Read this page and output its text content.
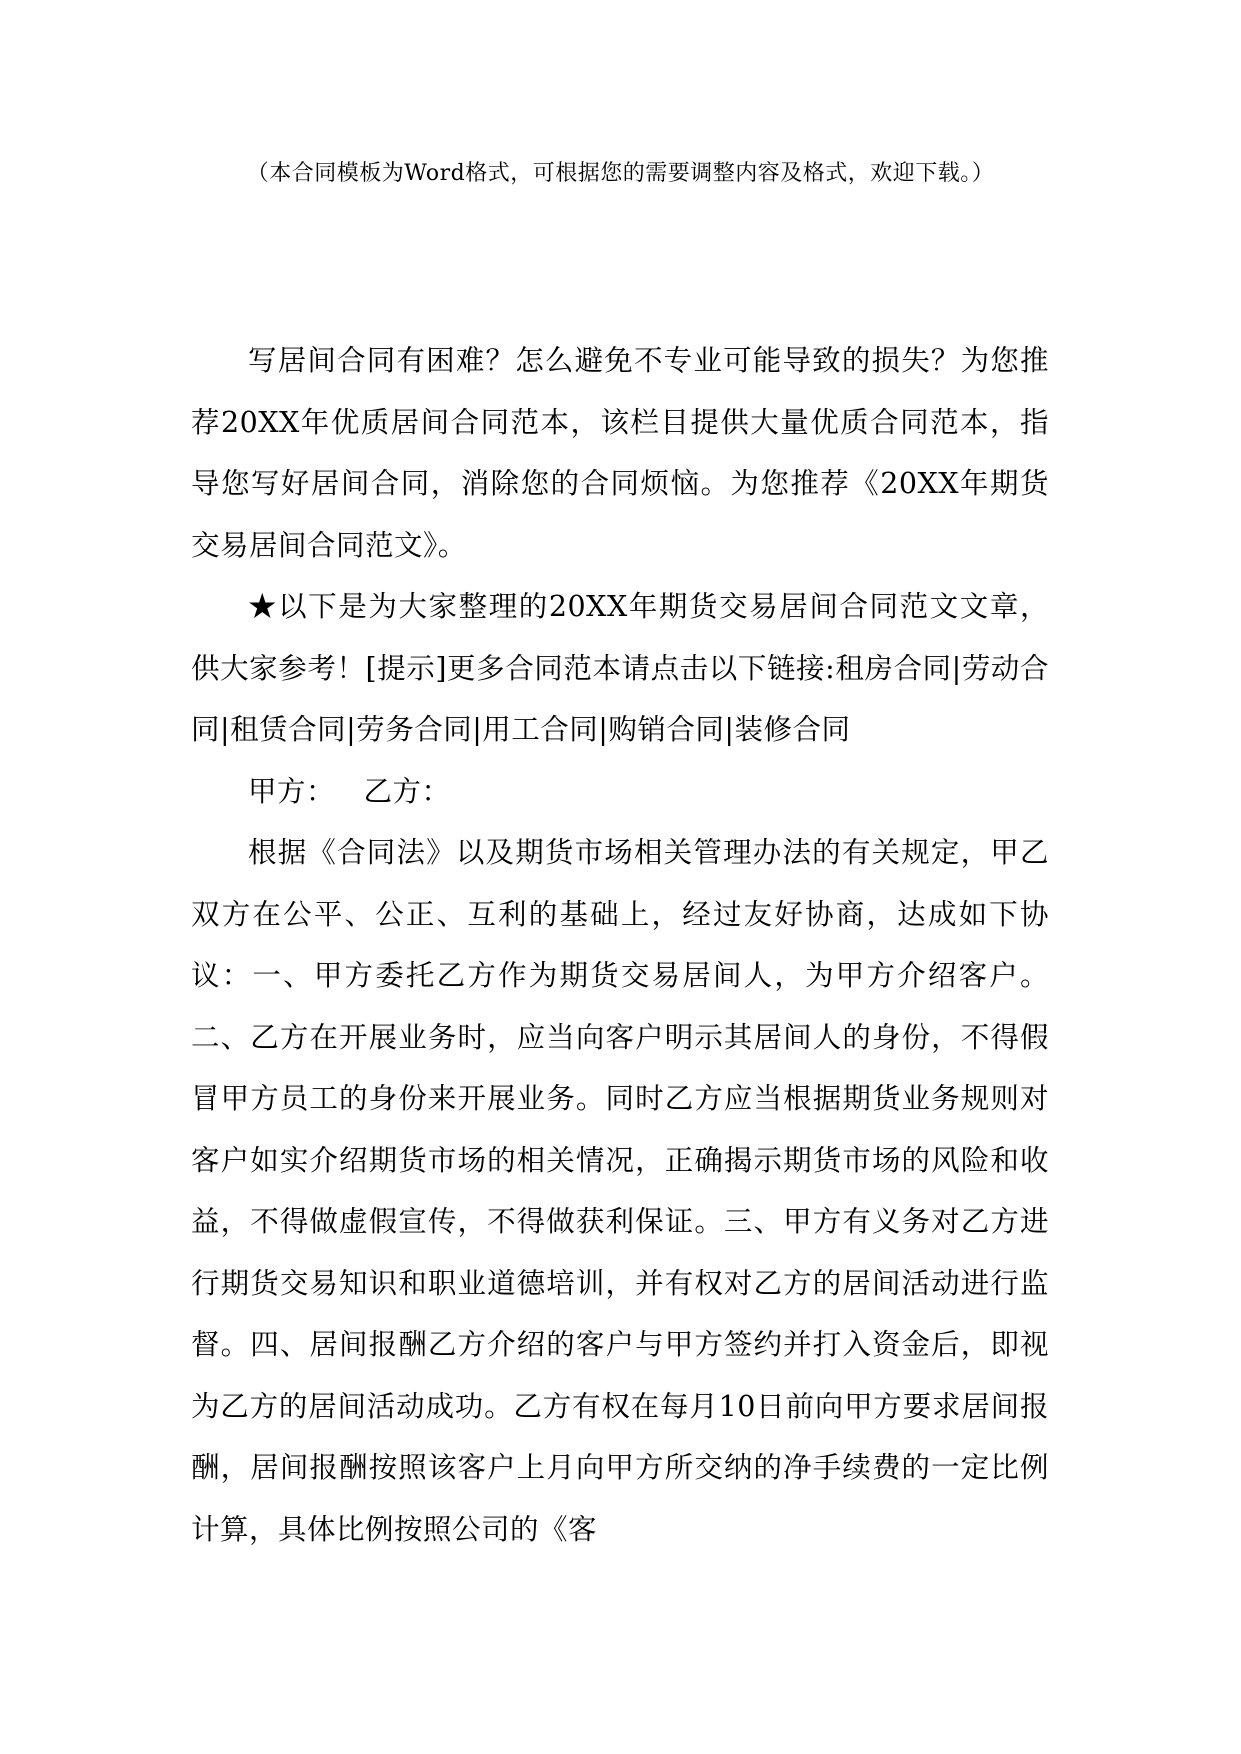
（本合同模板为Word格式，可根据您的需要调整内容及格式，欢迎下载。）

写居间合同有困难？怎么避免不专业可能导致的损失？为您推荐20XX年优质居间合同范本，该栏目提供大量优质合同范本，指导您写好居间合同，消除您的合同烦恼。为您推荐《20XX年期货交易居间合同范文》。

★以下是为大家整理的20XX年期货交易居间合同范文文章，供大家参考！[提示]更多合同范本请点击以下链接:租房合同|劳动合同|租赁合同|劳务合同|用工合同|购销合同|装修合同

甲方： 乙方：

根据《合同法》以及期货市场相关管理办法的有关规定，甲乙双方在公平、公正、互利的基础上，经过友好协商，达成如下协议：一、甲方委托乙方作为期货交易居间人，为甲方介绍客户。二、乙方在开展业务时，应当向客户明示其居间人的身份，不得假冒甲方员工的身份来开展业务。同时乙方应当根据期货业务规则对客户如实介绍期货市场的相关情况，正确揭示期货市场的风险和收益，不得做虚假宣传，不得做获利保证。三、甲方有义务对乙方进行期货交易知识和职业道德培训，并有权对乙方的居间活动进行监督。四、居间报酬乙方介绍的客户与甲方签约并打入资金后，即视为乙方的居间活动成功。乙方有权在每月10日前向甲方要求居间报酬，居间报酬按照该客户上月向甲方所交纳的净手续费的一定比例计算，具体比例按照公司的《客
